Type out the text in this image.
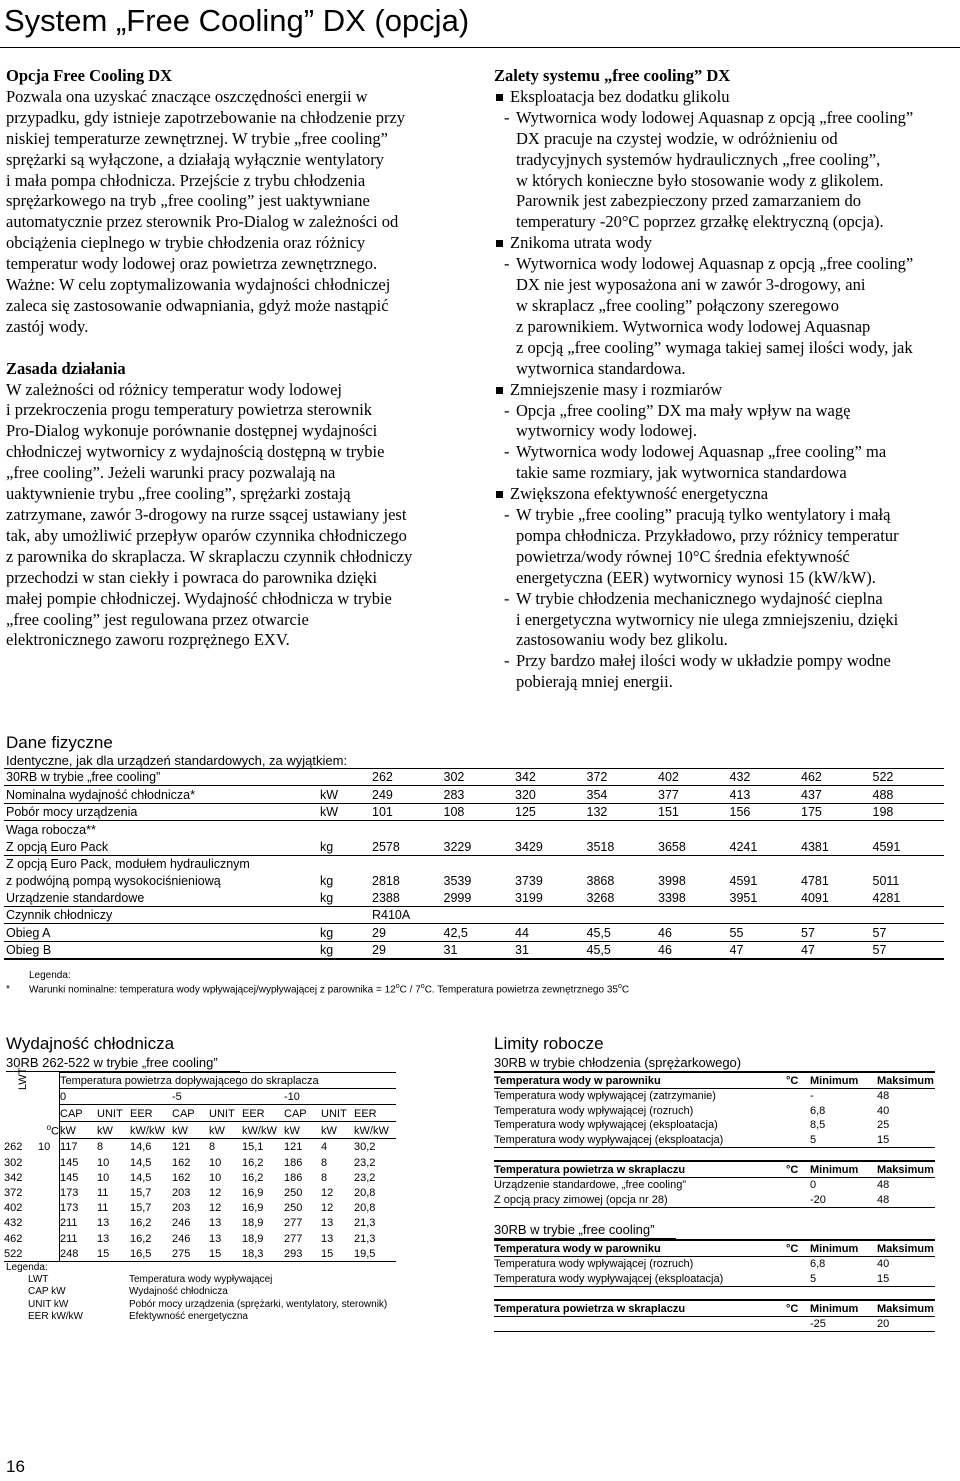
System „Free Cooling” DX (opcja)

Opcja Free Cooling DX

Pozwala ona uzyskać znaczące oszczędności energii w
przypadku, gdy istnieje zapotrzebowanie na chłodzenie przy
niskiej temperaturze zewnętrznej. W trybie „free cooling”
sprężarki są wyłączone, a działają wyłącznie wentylatory
i mała pompa chłodnicza. Przejście z trybu chłodzenia
sprężarkowego na tryb „free cooling” jest uaktywniane
automatycznie przez sterownik Pro-Dialog w zależności od
obciążenia cieplnego w trybie chłodzenia oraz różnicy
temperatur wody lodowej oraz powietrza zewnętrznego.
Ważne: W celu zoptymalizowania wydajności chłodniczej
zaleca się zastosowanie odwapniania, gdyż może nastąpić
zastój wody.

Zasada działania

W zależności od różnicy temperatur wody lodowej
i przekroczenia progu temperatury powietrza sterownik
Pro-Dialog wykonuje porównanie dostępnej wydajności
chłodniczej wytwornicy z wydajnością dostępną w trybie
„free cooling”. Jeżeli warunki pracy pozwalają na
uaktywnienie trybu „free cooling”, sprężarki zostają
zatrzymane, zawór 3-drogowy na rurze ssącej ustawiany jest
tak, aby umożliwić przepływ oparów czynnika chłodniczego
z parownika do skraplacza. W skraplaczu czynnik chłodniczy
przechodzi w stan ciekły i powraca do parownika dzięki
małej pompie chłodniczej. Wydajność chłodnicza w trybie
„free cooling” jest regulowana przez otwarcie
elektronicznego zaworu rozprężnego EXV.

Zalety systemu „free cooling” DX

Eksploatacja bez dodatku glikolu
- Wytwornica wody lodowej Aquasnap z opcją „free cooling”
DX pracuje na czystej wodzie, w odróżnieniu od
tradycyjnych systemów hydraulicznych „free cooling”,
w których konieczne było stosowanie wody z glikolem.
Parownik jest zabezpieczony przed zamarzaniem do
temperatury -20°C poprzez grzałkę elektryczną (opcja).
Znikoma utrata wody
- Wytwornica wody lodowej Aquasnap z opcją „free cooling”
DX nie jest wyposażona ani w zawór 3-drogowy, ani
w skraplacz „free cooling” połączony szeregowo
z parownikiem. Wytwornica wody lodowej Aquasnap
z opcją „free cooling” wymaga takiej samej ilości wody, jak
wytwornica standardowa.
Zmniejszenie masy i rozmiarów
- Opcja „free cooling” DX ma mały wpływ na wagę
wytwornicy wody lodowej.
- Wytwornica wody lodowej Aquasnap „free cooling” ma
takie same rozmiary, jak wytwornica standardowa
Zwiększona efektywność energetyczna
- W trybie „free cooling” pracują tylko wentylatory i małą
pompa chłodnicza. Przykładowo, przy różnicy temperatur
powietrza/wody równej 10°C średnia efektywność
energetyczna (EER) wytwornicy wynosi 15 (kW/kW).
- W trybie chłodzenia mechanicznego wydajność cieplna
i energetyczna wytwornicy nie ulega zmniejszeniu, dzięki
zastosowaniu wody bez glikolu.
- Przy bardzo małej ilości wody w układzie pompy wodne
pobierają mniej energii.
Dane fizyczne
Identyczne, jak dla urządzeń standardowych, za wyjątkiem:
30RB w trybie „free cooling”		262	302	342	372	402	432	462	522
Nominalna wydajność chłodnicza*	kW	249	283	320	354	377	413	437	488
Pobór mocy urządzenia	kW	101	108	125	132	151	156	175	198
Waga robocza**									
Z opcją Euro Pack	kg	2578	3229	3429	3518	3658	4241	4381	4591
Z opcją Euro Pack, modułem hydraulicznym									
z podwójną pompą wysokociśnieniową	kg	2818	3539	3739	3868	3998	4591	4781	5011
Urządzenie standardowe	kg	2388	2999	3199	3268	3398	3951	4091	4281
Czynnik chłodniczy		R410A							
Obieg A	kg	29	42,5	44	45,5	46	55	57	57
Obieg B	kg	29	31	31	45,5	46	47	47	57
Legenda:
* Warunki nominalne: temperatura wody wpływającej/wypływającej z parownika = $12^oC / 7^oC$. Temperatura powietrza zewnętrznego 35$^o$C
Wydajność chłodnicza
30RB 262-522 w trybie „free cooling”
		Temperatura powietrza dopływającego do skraplacza								
		0			-5			-10		
		CAP	UNIT	EER	CAP	UNIT	EER	CAP	UNIT	EER
	$^o$C	kW	kW	kW/kW	kW	kW	kW/kW	kW	kW	kW/kW
262	10	117	8	14,6	121	8	15,1	121	4	30,2
302		145	10	14,5	162	10	16,2	186	8	23,2
342		145	10	14,5	162	10	16,2	186	8	23,2
372		173	11	15,7	203	12	16,9	250	12	20,8
402		173	11	15,7	203	12	16,9	250	12	20,8
432		211	13	16,2	246	13	18,9	277	13	21,3
462		211	13	16,2	246	13	18,9	277	13	21,3
522		248	15	16,5	275	15	18,3	293	15	19,5
LWT
Legenda:
LWT	Temperatura wody wypływającej
CAP kW	Wydajność chłodnicza
UNIT kW	Pobór mocy urządzenia (sprężarki, wentylatory, sterownik)
EER kW/kW	Efektywność energetyczna
Limity robocze
30RB w trybie chłodzenia (sprężarkowego)
Temperatura wody w parowniku	°C	Minimum	Maksimum
Temperatura wody wpływającej (zatrzymanie)		-	48
Temperatura wody wpływającej (rozruch)		6,8	40
Temperatura wody wpływającej (eksploatacja)		8,5	25
Temperatura wody wypływającej (eksploatacja)		5	15
Temperatura powietrza w skraplaczu	°C	Minimum	Maksimum
Urządzenie standardowe, „free cooling”		0	48
Z opcją pracy zimowej (opcja nr 28)		-20	48
30RB w trybie „free cooling”
Temperatura wody w parowniku	°C	Minimum	Maksimum
Temperatura wody wpływającej (rozruch)		6,8	40
Temperatura wody wypływającej (eksploatacja)		5	15
Temperatura powietrza w skraplaczu	°C	Minimum	Maksimum
		-25	20
16
